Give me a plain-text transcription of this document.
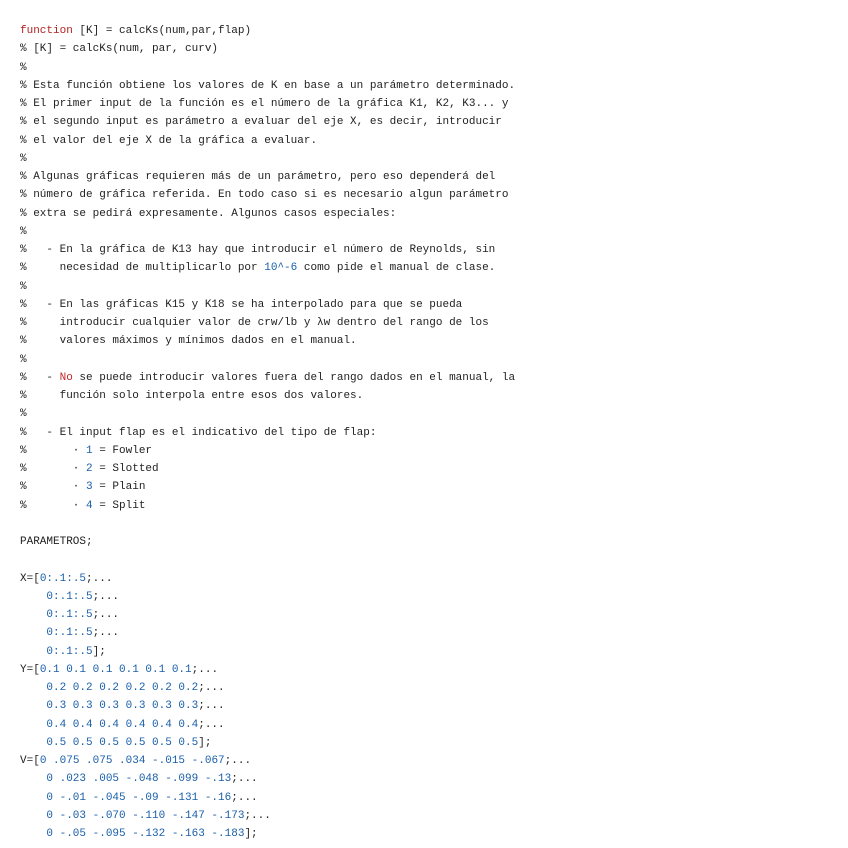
function [K] = calcKs(num,par,flap)
% [K] = calcKs(num, par, curv)
%
% Esta función obtiene los valores de K en base a un parámetro determinado.
% El primer input de la función es el número de la gráfica K1, K2, K3... y
% el segundo input es parámetro a evaluar del eje X, es decir, introducir
% el valor del eje X de la gráfica a evaluar.
%
% Algunas gráficas requieren más de un parámetro, pero eso dependerá del
% número de gráfica referida. En todo caso si es necesario algun parámetro
% extra se pedirá expresamente. Algunos casos especiales:
%
%   - En la gráfica de K13 hay que introducir el número de Reynolds, sin
%     necesidad de multiplicarlo por 10^-6 como pide el manual de clase.
%
%   - En las gráficas K15 y K18 se ha interpolado para que se pueda
%     introducir cualquier valor de crw/lb y λw dentro del rango de los
%     valores máximos y mínimos dados en el manual.
%
%   - No se puede introducir valores fuera del rango dados en el manual, la
%     función solo interpola entre esos dos valores.
%
%   - El input flap es el indicativo del tipo de flap:
%       · 1 = Fowler
%       · 2 = Slotted
%       · 3 = Plain
%       · 4 = Split
PARAMETROS;
X=[0:.1:.5;...
0:.1:.5;...
0:.1:.5;...
0:.1:.5;...
0:.1:.5];
Y=[0.1 0.1 0.1 0.1 0.1 0.1;...
0.2 0.2 0.2 0.2 0.2 0.2;...
0.3 0.3 0.3 0.3 0.3 0.3;...
0.4 0.4 0.4 0.4 0.4 0.4;...
0.5 0.5 0.5 0.5 0.5 0.5];
V=[0 .075 .075 .034 -.015 -.067;...
0 .023 .005 -.048 -.099 -.13;...
0 -.01 -.045 -.09 -.131 -.16;...
0 -.03 -.070 -.110 -.147 -.173;...
0 -.05 -.095 -.132 -.163 -.183];
